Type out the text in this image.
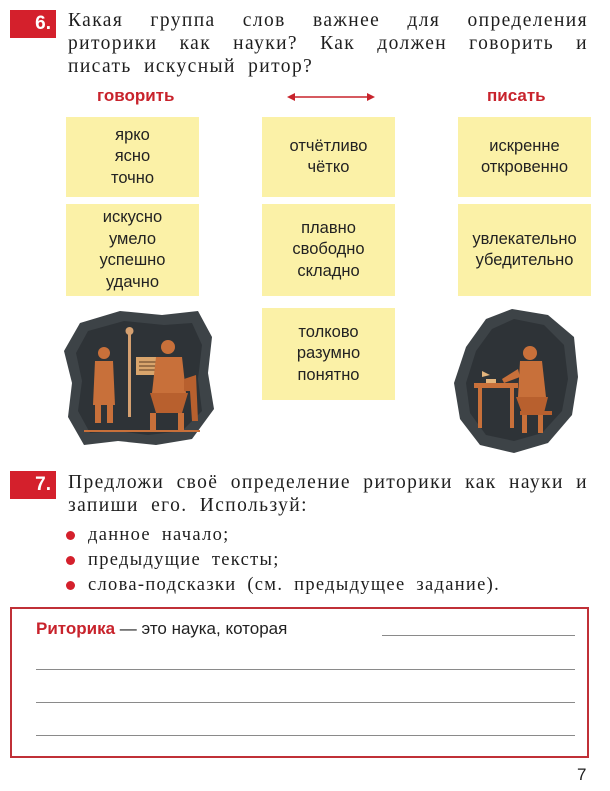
6. Какая группа слов важнее для определения риторики как науки? Как должен говорить и писать искусный ритор?
говорить	писать
ярко
ясно
точно
отчётливо
чётко
искренне
откровенно
искусно
умело
успешно
удачно
плавно
свободно
складно
увлекательно
убедительно
толково
разумно
понятно
7. Предложи своё определение риторики как науки и запиши его. Используй:
данное начало;
предыдущие тексты;
слова-подсказки (см. предыдущее задание).
Риторика — это наука, которая
7
